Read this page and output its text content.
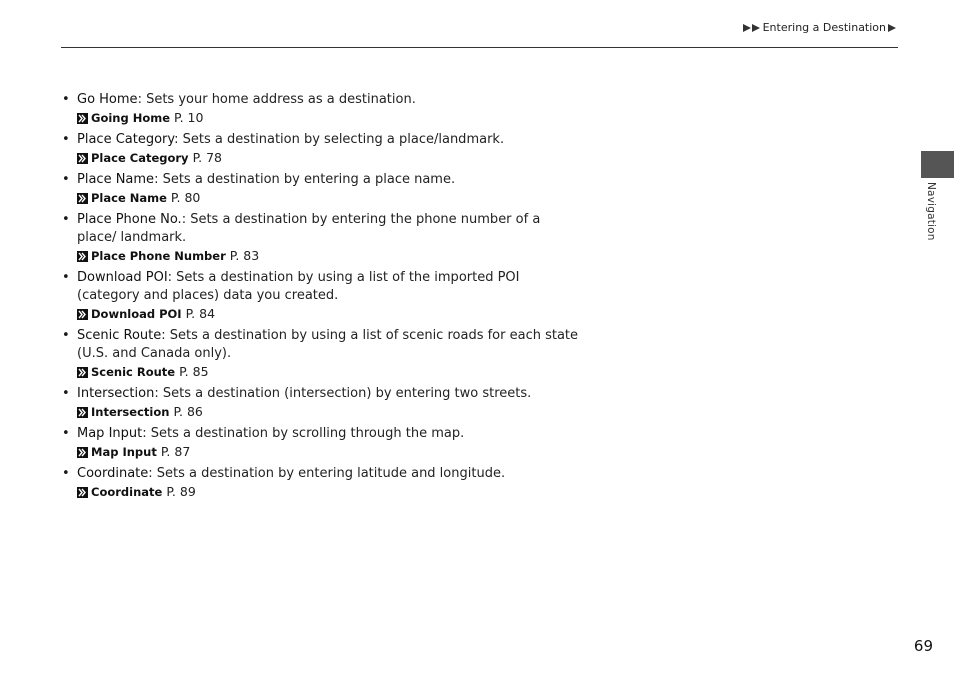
Entering a Destination
Navigation
• Go Home: Sets your home address as a destination.
Going Home P. 10
• Place Category: Sets a destination by selecting a place/landmark.
Place Category P. 78
• Place Name: Sets a destination by entering a place name.
Place Name P. 80
• Place Phone No.: Sets a destination by entering the phone number of a place/ landmark.
Place Phone Number P. 83
• Download POI: Sets a destination by using a list of the imported POI (category and places) data you created.
Download POI P. 84
• Scenic Route: Sets a destination by using a list of scenic roads for each state (U.S. and Canada only).
Scenic Route P. 85
• Intersection: Sets a destination (intersection) by entering two streets.
Intersection P. 86
• Map Input: Sets a destination by scrolling through the map.
Map Input P. 87
• Coordinate: Sets a destination by entering latitude and longitude.
Coordinate P. 89
69
